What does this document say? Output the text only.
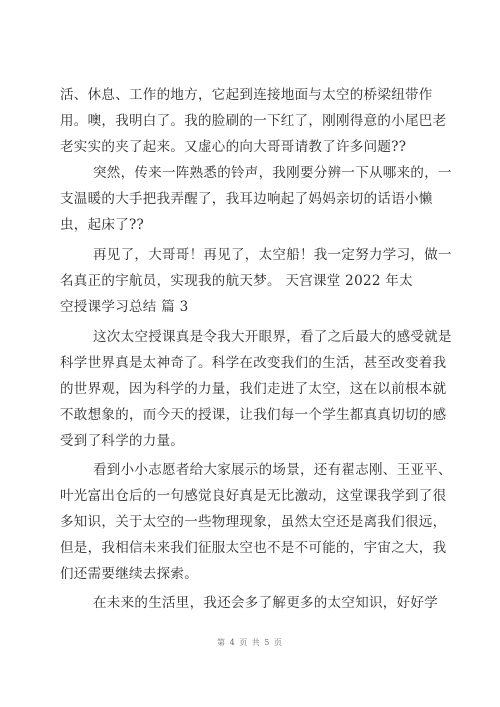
活、休息、工作的地方，它起到连接地面与太空的桥梁纽带作
用。噢，我明白了。我的脸刷的一下红了，刚刚得意的小尾巴老
老实实的夹了起来。又虚心的向大哥哥请教了许多问题??
突然，传来一阵熟悉的铃声，我刚要分辨一下从哪来的，一
支温暖的大手把我弄醒了，我耳边响起了妈妈亲切的话语小懒
虫，起床了??
再见了，大哥哥！再见了，太空船！我一定努力学习，做一
名真正的宇航员，实现我的航天梦。 天宫课堂 2022 年太
空授课学习总结 篇 3
这次太空授课真是令我大开眼界，看了之后最大的感受就是
科学世界真是太神奇了。科学在改变我们的生活，甚至改变着我
的世界观，因为科学的力量，我们走进了太空，这在以前根本就
不敢想象的，而今天的授课，让我们每一个学生都真真切切的感
受到了科学的力量。
看到小小志愿者给大家展示的场景，还有翟志刚、王亚平、
叶光富出仓后的一句感觉良好真是无比激动，这堂课我学到了很
多知识，关于太空的一些物理现象，虽然太空还是离我们很远，
但是，我相信未来我们征服太空也不是不可能的，宇宙之大，我
们还需要继续去探索。
在未来的生活里，我还会多了解更多的太空知识，好好学
第 4 页 共 5 页
